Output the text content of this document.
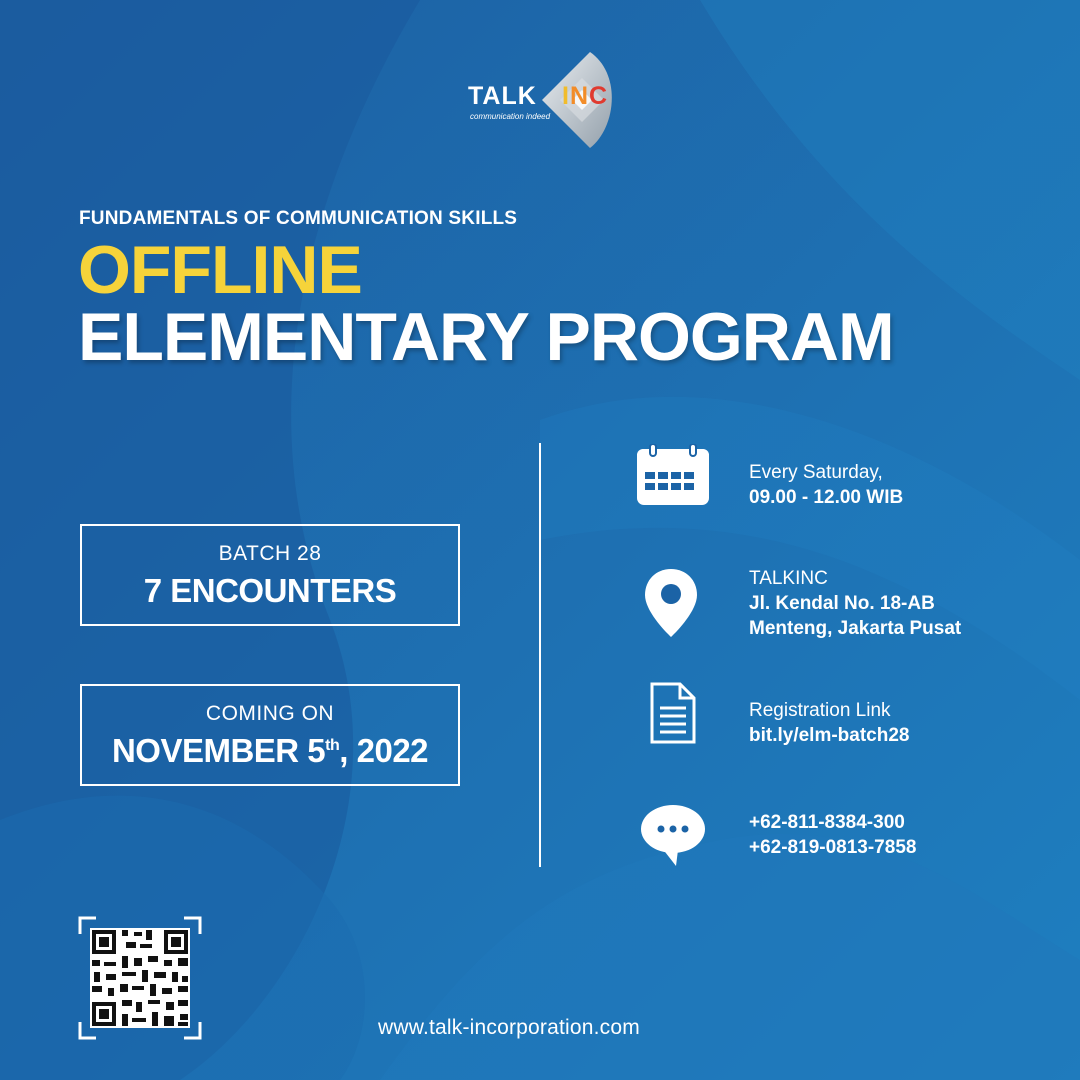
TALK INC
communication indeed
FUNDAMENTALS OF COMMUNICATION SKILLS
OFFLINE
ELEMENTARY PROGRAM
BATCH 28
7 ENCOUNTERS
COMING ON
NOVEMBER 5th, 2022
Every Saturday,
09.00 - 12.00 WIB
TALKINC
Jl. Kendal No. 18-AB
Menteng, Jakarta Pusat
Registration Link
bit.ly/elm-batch28
+62-811-8384-300
+62-819-0813-7858
www.talk-incorporation.com
